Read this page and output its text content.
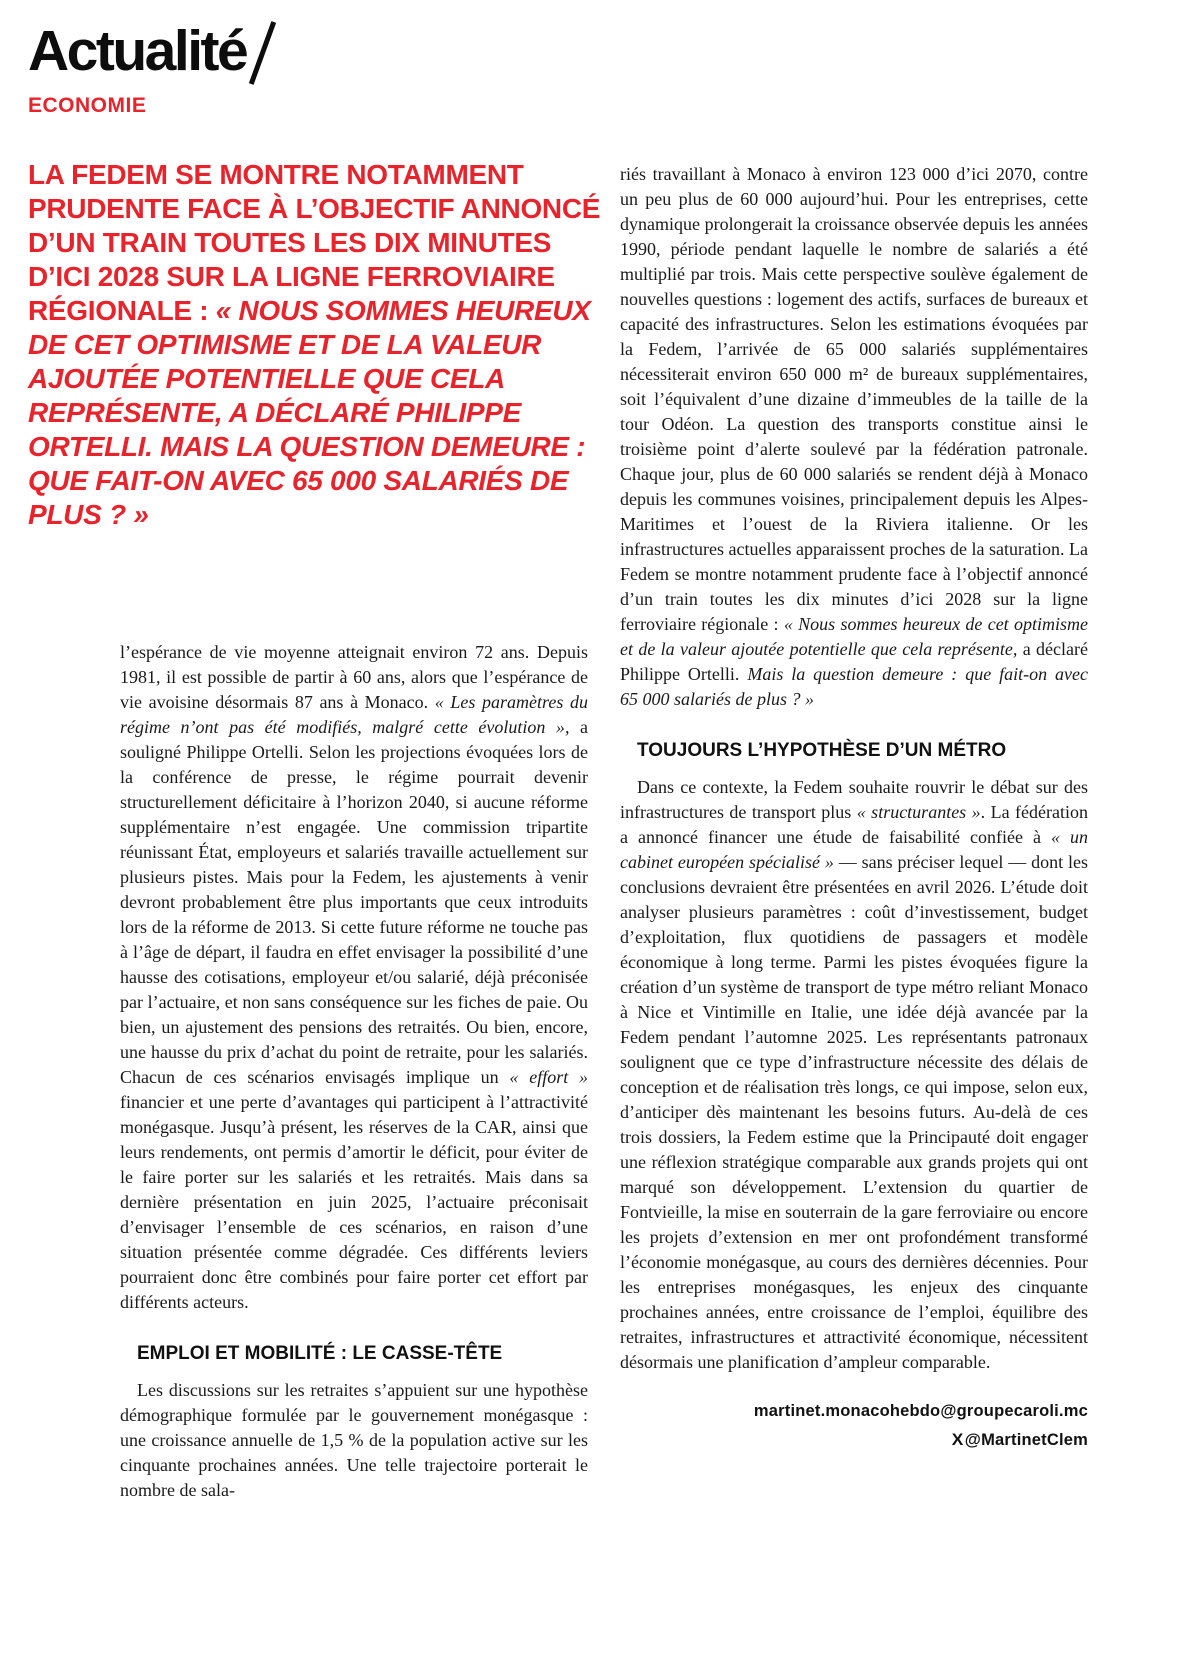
Actualité
ECONOMIE
LA FEDEM SE MONTRE NOTAMMENT PRUDENTE FACE À L’OBJECTIF ANNONCÉ D’UN TRAIN TOUTES LES DIX MINUTES D’ICI 2028 SUR LA LIGNE FERROVIAIRE RÉGIONALE : « NOUS SOMMES HEUREUX DE CET OPTIMISME ET DE LA VALEUR AJOUTÉE POTENTIELLE QUE CELA REPRÉSENTE, A DÉCLARÉ PHILIPPE ORTELLI. MAIS LA QUESTION DEMEURE : QUE FAIT-ON AVEC 65 000 SALARIÉS DE PLUS ? »

l’espérance de vie moyenne atteignait environ 72 ans. Depuis 1981, il est possible de partir à 60 ans, alors que l’espérance de vie avoisine désormais 87 ans à Monaco. « Les paramètres du régime n’ont pas été modifiés, malgré cette évolution », a souligné Philippe Ortelli. Selon les projections évoquées lors de la conférence de presse, le régime pourrait devenir structurellement déficitaire à l’horizon 2040, si aucune réforme supplémentaire n’est engagée. Une commission tripartite réunissant État, employeurs et salariés travaille actuellement sur plusieurs pistes. Mais pour la Fedem, les ajustements à venir devront probablement être plus importants que ceux introduits lors de la réforme de 2013. Si cette future réforme ne touche pas à l’âge de départ, il faudra en effet envisager la possibilité d’une hausse des cotisations, employeur et/ou salarié, déjà préconisée par l’actuaire, et non sans conséquence sur les fiches de paie. Ou bien, un ajustement des pensions des retraités. Ou bien, encore, une hausse du prix d’achat du point de retraite, pour les salariés. Chacun de ces scénarios envisagés implique un « effort » financier et une perte d’avantages qui participent à l’attractivité monégasque. Jusqu’à présent, les réserves de la CAR, ainsi que leurs rendements, ont permis d’amortir le déficit, pour éviter de le faire porter sur les salariés et les retraités. Mais dans sa dernière présentation en juin 2025, l’actuaire préconisait d’envisager l’ensemble de ces scénarios, en raison d’une situation présentée comme dégradée. Ces différents leviers pourraient donc être combinés pour faire porter cet effort par différents acteurs.

EMPLOI ET MOBILITÉ : LE CASSE-TÊTE

Les discussions sur les retraites s’appuient sur une hypothèse démographique formulée par le gouvernement monégasque : une croissance annuelle de 1,5 % de la population active sur les cinquante prochaines années. Une telle trajectoire porterait le nombre de sala-

riés travaillant à Monaco à environ 123 000 d’ici 2070, contre un peu plus de 60 000 aujourd’hui. Pour les entreprises, cette dynamique prolongerait la croissance observée depuis les années 1990, période pendant laquelle le nombre de salariés a été multiplié par trois. Mais cette perspective soulève également de nouvelles questions : logement des actifs, surfaces de bureaux et capacité des infrastructures. Selon les estimations évoquées par la Fedem, l’arrivée de 65 000 salariés supplémentaires nécessiterait environ 650 000 m² de bureaux supplémentaires, soit l’équivalent d’une dizaine d’immeubles de la taille de la tour Odéon. La question des transports constitue ainsi le troisième point d’alerte soulevé par la fédération patronale. Chaque jour, plus de 60 000 salariés se rendent déjà à Monaco depuis les communes voisines, principalement depuis les Alpes-Maritimes et l’ouest de la Riviera italienne. Or les infrastructures actuelles apparaissent proches de la saturation. La Fedem se montre notamment prudente face à l’objectif annoncé d’un train toutes les dix minutes d’ici 2028 sur la ligne ferroviaire régionale : « Nous sommes heureux de cet optimisme et de la valeur ajoutée potentielle que cela représente, a déclaré Philippe Ortelli. Mais la question demeure : que fait-on avec 65 000 salariés de plus ? »

TOUJOURS L’HYPOTHÈSE D’UN MÉTRO

Dans ce contexte, la Fedem souhaite rouvrir le débat sur des infrastructures de transport plus « structurantes ». La fédération a annoncé financer une étude de faisabilité confiée à « un cabinet européen spécialisé » — sans préciser lequel — dont les conclusions devraient être présentées en avril 2026. L’étude doit analyser plusieurs paramètres : coût d’investissement, budget d’exploitation, flux quotidiens de passagers et modèle économique à long terme. Parmi les pistes évoquées figure la création d’un système de transport de type métro reliant Monaco à Nice et Vintimille en Italie, une idée déjà avancée par la Fedem pendant l’automne 2025. Les représentants patronaux soulignent que ce type d’infrastructure nécessite des délais de conception et de réalisation très longs, ce qui impose, selon eux, d’anticiper dès maintenant les besoins futurs. Au-delà de ces trois dossiers, la Fedem estime que la Principauté doit engager une réflexion stratégique comparable aux grands projets qui ont marqué son développement. L’extension du quartier de Fontvieille, la mise en souterrain de la gare ferroviaire ou encore les projets d’extension en mer ont profondément transformé l’économie monégasque, au cours des dernières décennies. Pour les entreprises monégasques, les enjeux des cinquante prochaines années, entre croissance de l’emploi, équilibre des retraites, infrastructures et attractivité économique, nécessitent désormais une planification d’ampleur comparable.

martinet.monacohebdo@groupecaroli.mc
X @MartinetClem
